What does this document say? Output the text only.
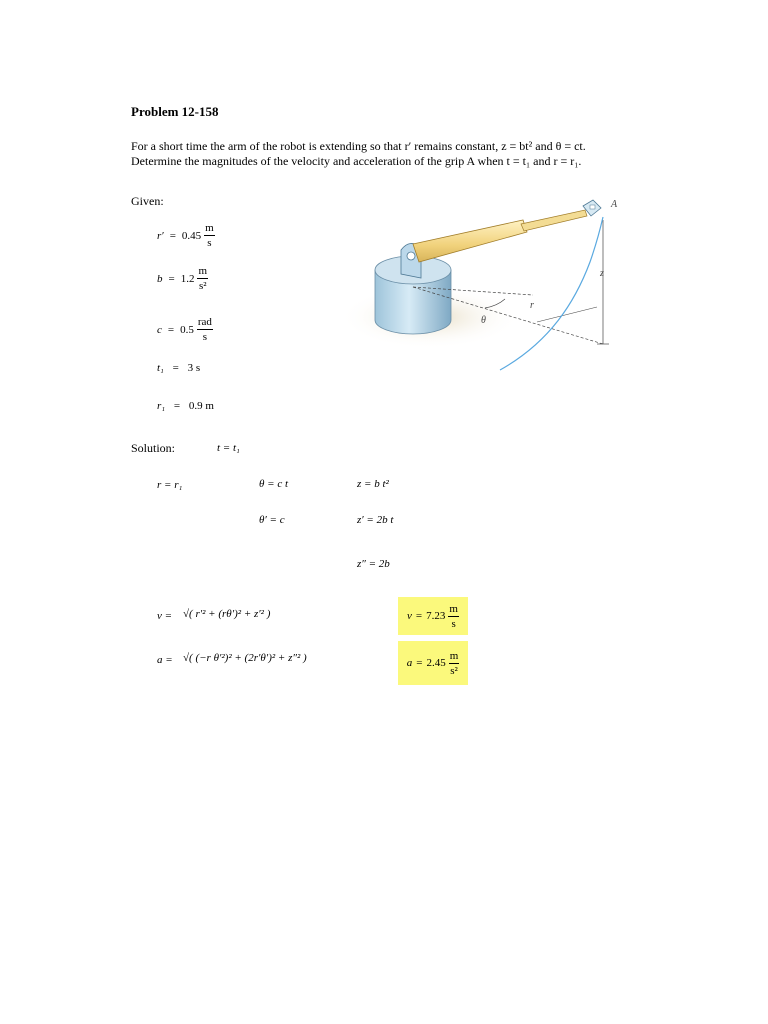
Problem 12-158
For a short time the arm of the robot is extending so that r′ remains constant, z = bt² and θ = ct.
Determine the magnitudes of the velocity and acceleration of the grip A when t = t₁ and r = r₁.
Given:
$r' = 0.45 \frac{m}{s}$
$b = 1.2 \frac{m}{\text{s²}}$
$c = 0.5 \frac{\text{rad}}{s}$
t₁ = 3 s
r₁ = 0.9 m
A
z
r
θ
Solution:	t = t₁
r = r₁	θ = c t	z = b t²
θ′ = c	z′ = 2b t
z″ = 2b
v = √( r′² + (rθ′)² + z′² )
a = √( (−r θ′²)² + (2r′θ′)² + z″² )
$v = 7.23 \frac{m}{s}$
$a = 2.45 \frac{m}{\text{s²}}$
